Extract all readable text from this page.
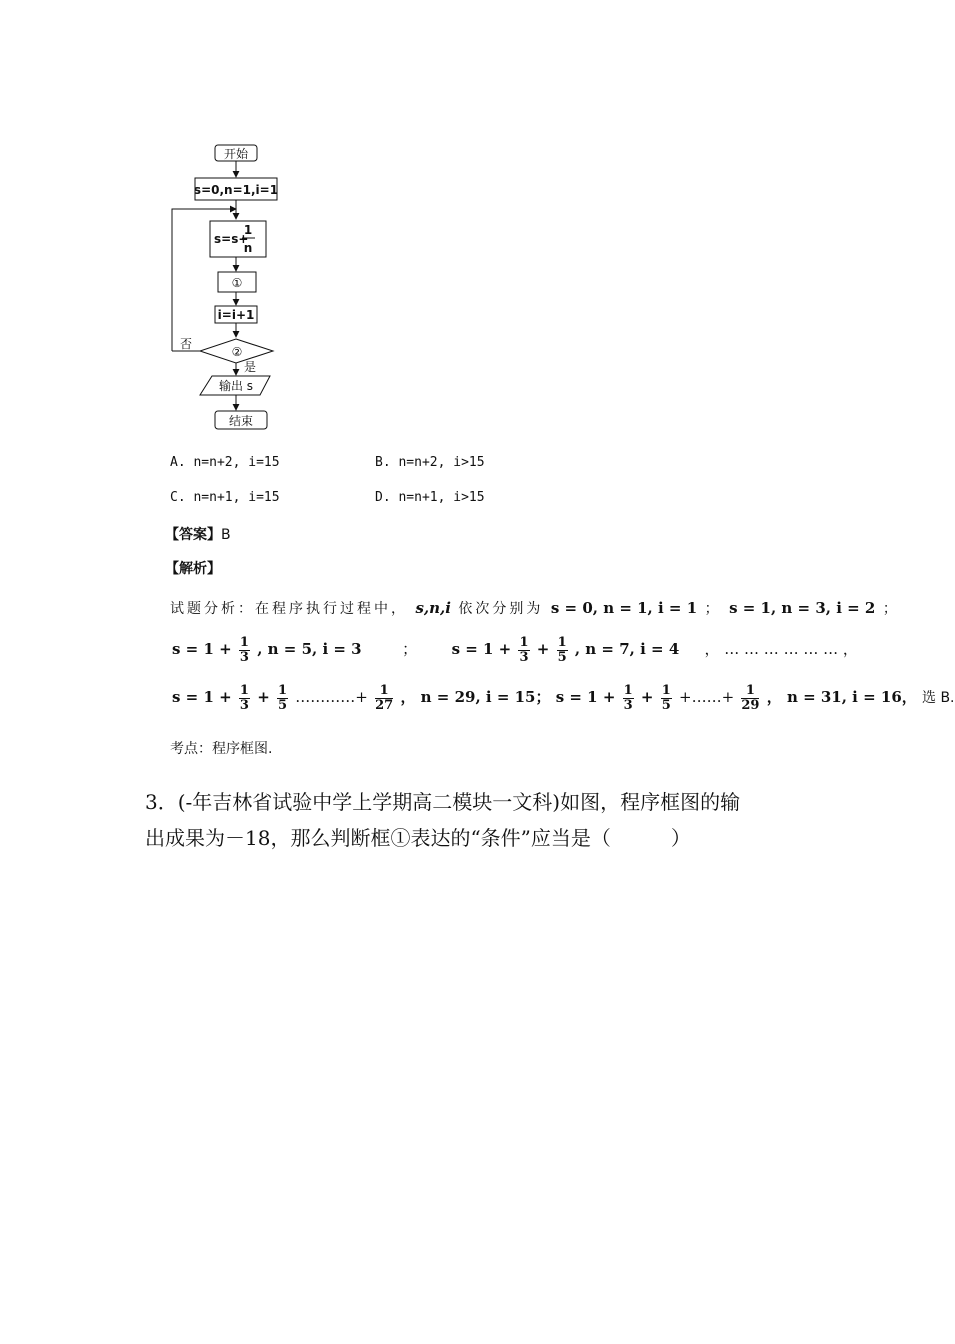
开始
s=0,n=1,i=1
s=s+
1
n
①
i=i+1
②
否
是
输出 s
结束
A. n=n+2, i=15	B. n=n+2, i>15
C. n=n+1, i=15	D. n=n+1, i>15
【答案】B
【解析】
试题分析：在程序执行过程中， s,n,i 依次分别为 s = 0, n = 1, i = 1 ； s = 1, n = 3, i = 2 ；
$s = 1 + \frac{1}{3}$ , n = 5, i = 3	； $s = 1 + \frac{1}{3} + \frac{1}{5}$ , n = 7, i = 4 ， … … … … … … ，
$s = 1 + \frac{1}{3} + \frac{1}{5}$ …………+ $\frac{1}{27}$ ， n = 29, i = 15； $s = 1 + \frac{1}{3} + \frac{1}{5}$ +……+ $\frac{1}{29}$ ， n = 31, i = 16， 选 B.
考点：程序框图.
3．(-年吉林省试验中学上学期高二模块一文科)如图，程序框图的输
出成果为－18，那么判断框①表达的“条件”应当是（　　　）
